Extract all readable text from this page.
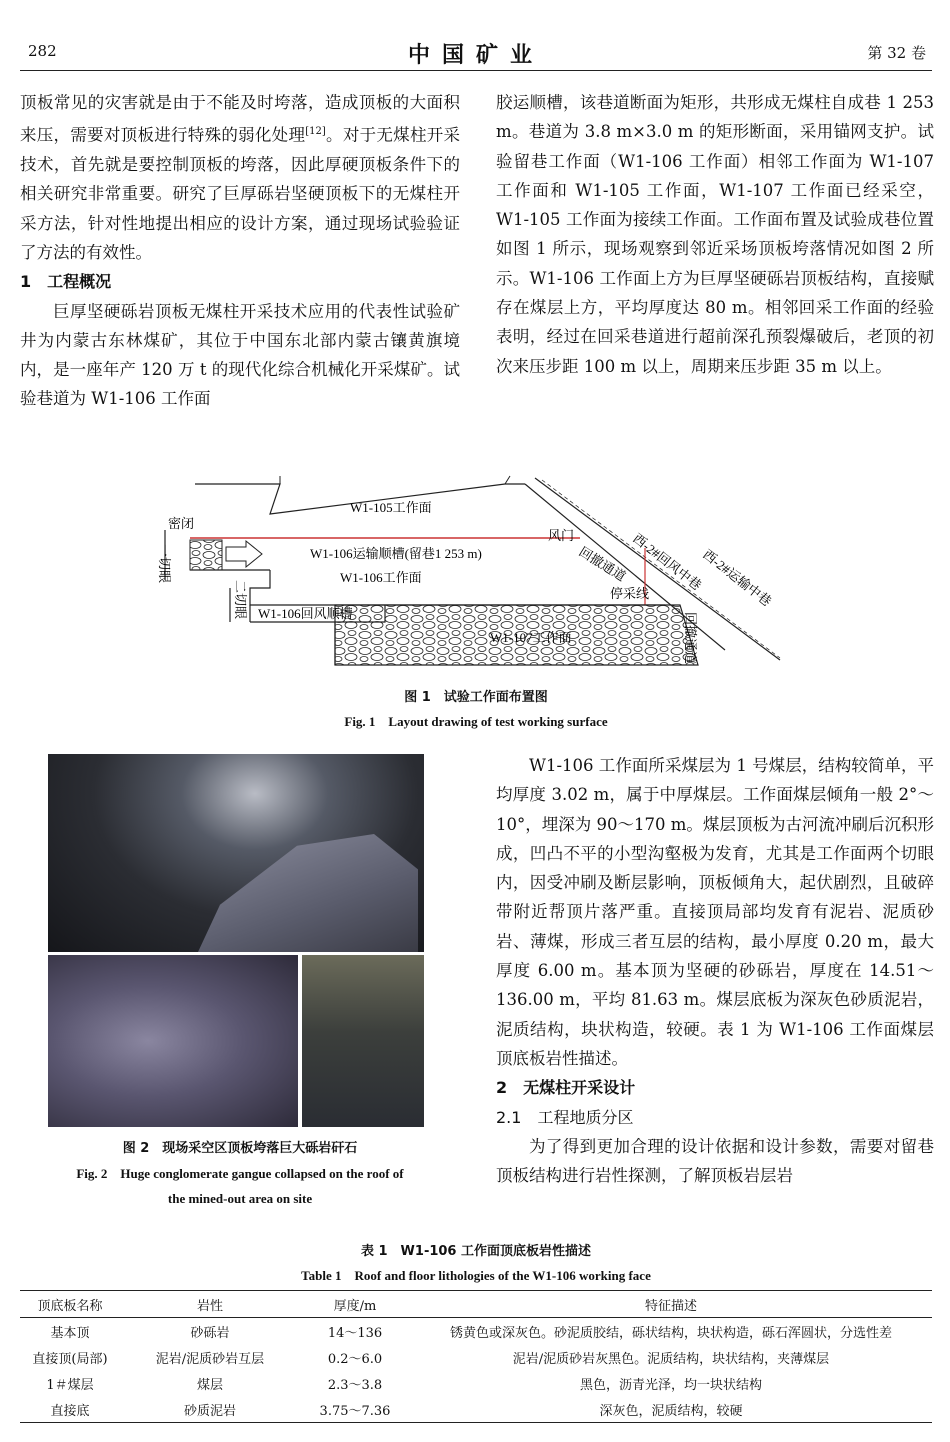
282	中国矿业	第 32 卷

顶板常见的灾害就是由于不能及时垮落，造成顶板的大面积来压，需要对顶板进行特殊的弱化处理[12]。对于无煤柱开采技术，首先就是要控制顶板的垮落，因此厚硬顶板条件下的相关研究非常重要。研究了巨厚砾岩坚硬顶板下的无煤柱开采方法，针对性地提出相应的设计方案，通过现场试验验证了方法的有效性。

1　工程概况

巨厚坚硬砾岩顶板无煤柱开采技术应用的代表性试验矿井为内蒙古东林煤矿，其位于中国东北部内蒙古镶黄旗境内，是一座年产 120 万 t 的现代化综合机械化开采煤矿。试验巷道为 W1-106 工作面

胶运顺槽，该巷道断面为矩形，共形成无煤柱自成巷 1 253 m。巷道为 3.8 m×3.0 m 的矩形断面，采用锚网支护。试验留巷工作面（W1-106 工作面）相邻工作面为 W1-107 工作面和 W1-105 工作面，W1-107 工作面已经采空，W1-105 工作面为接续工作面。工作面布置及试验成巷位置如图 1 所示，现场观察到邻近采场顶板垮落情况如图 2 所示。W1-106 工作面上方为巨厚坚硬砾岩顶板结构，直接赋存在煤层上方，平均厚度达 80 m。相邻回采工作面的经验表明，经过在回采巷道进行超前深孔预裂爆破后，老顶的初次来压步距 100 m 以上，周期来压步距 35 m 以上。

W1-105工作面
密闭
一切眼
二切眼
W1-106运输顺槽(留巷1 253 m)
W1-106工作面
W1-106回风顺槽
W1-107工作面
风门
回撤通道
停采线
回撤通道
西-2#回风中巷
西-2#运输中巷
图 1　试验工作面布置图
Fig. 1　Layout drawing of test working surface
图 2　现场采空区顶板垮落巨大砾岩矸石
Fig. 2　Huge conglomerate gangue collapsed on the roof of
the mined-out area on site

W1-106 工作面所采煤层为 1 号煤层，结构较简单，平均厚度 3.02 m，属于中厚煤层。工作面煤层倾角一般 2°～10°，埋深为 90～170 m。煤层顶板为古河流冲刷后沉积形成，凹凸不平的小型沟壑极为发育，尤其是工作面两个切眼内，因受冲刷及断层影响，顶板倾角大，起伏剧烈，且破碎带附近帮顶片落严重。直接顶局部均发育有泥岩、泥质砂岩、薄煤，形成三者互层的结构，最小厚度 0.20 m，最大厚度 6.00 m。基本顶为坚硬的砂砾岩，厚度在 14.51～136.00 m，平均 81.63 m。煤层底板为深灰色砂质泥岩，泥质结构，块状构造，较硬。表 1 为 W1-106 工作面煤层顶底板岩性描述。

2　无煤柱开采设计

2.1　工程地质分区

为了得到更加合理的设计依据和设计参数，需要对留巷顶板结构进行岩性探测，了解顶板岩层岩

表 1　W1-106 工作面顶底板岩性描述
Table 1　Roof and floor lithologies of the W1-106 working face
顶底板名称	岩性	厚度/m	特征描述
基本顶	砂砾岩	14～136	锈黄色或深灰色。砂泥质胶结，砾状结构，块状构造，砾石浑圆状，分选性差
直接顶(局部)	泥岩/泥质砂岩互层	0.2～6.0	泥岩/泥质砂岩灰黑色。泥质结构，块状结构，夹薄煤层
1＃煤层	煤层	2.3～3.8	黑色，沥青光泽，均一块状结构
直接底	砂质泥岩	3.75～7.36	深灰色，泥质结构，较硬
